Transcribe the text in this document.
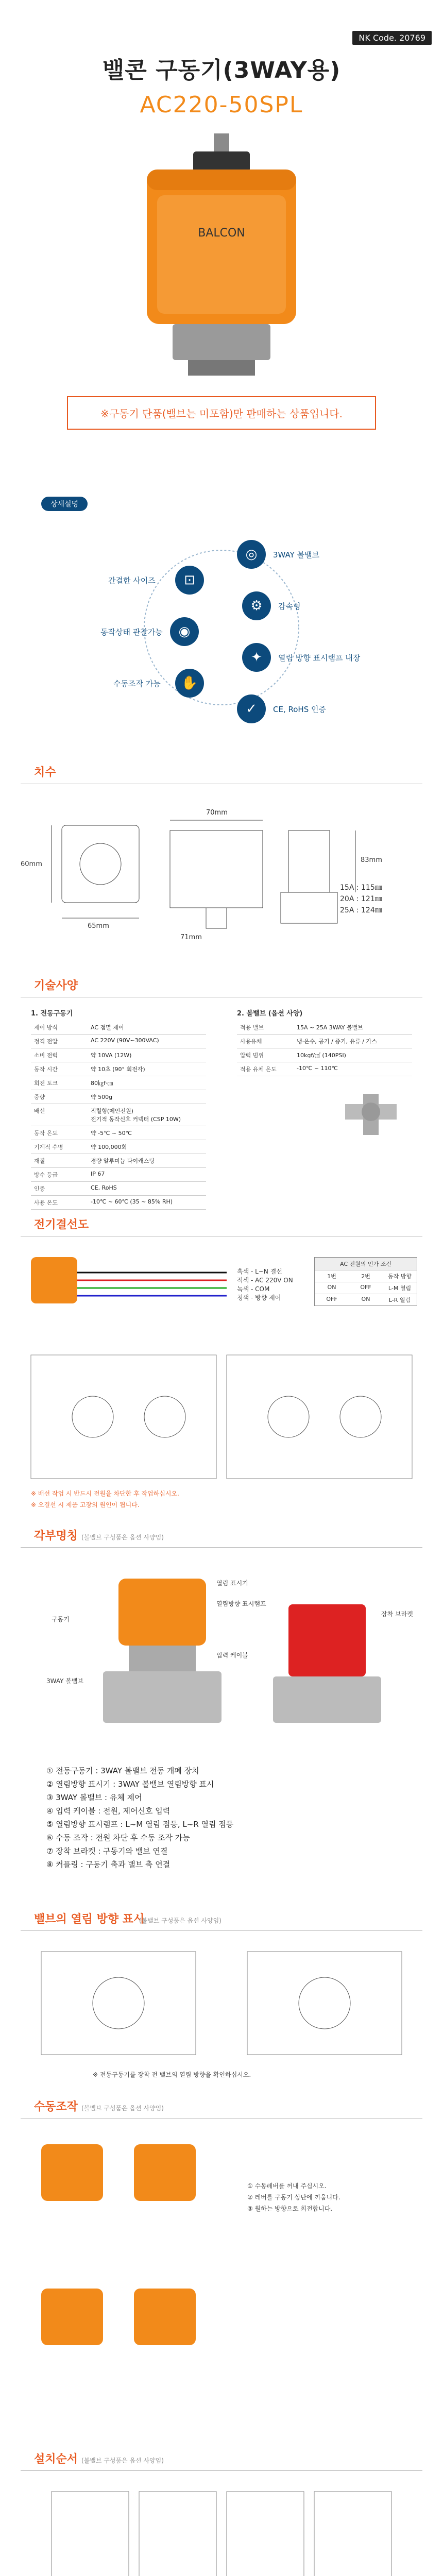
NK Code. 20769
밸콘 구동기(3WAY용)
AC220-50SPL
BALCON
※구동기 단품(밸브는 미포함)만 판매하는 상품입니다.
상세설명
◎	3WAY 볼밸브
⊡
간결한 사이즈
⚙	감속형
◉
동작상태 관찰가능
✦	열림 방향 표시램프 내장
✋
수동조작 가능
✓	CE, RoHS 인증
치수
70mm
65mm
60mm
83mm
71mm
15A : 115㎜
20A : 121㎜
25A : 124㎜
기술사양
1. 전동구동기
제어 방식	AC 점멸 제어
정격 전압	AC 220V (90V~300VAC)
소비 전력	약 10VA (12W)
동작 시간	약 10초 (90° 회전각)
회전 토크	80㎏f·㎝
중량	약 500g
배선	직렬형(메인전원)
전기적 동작신호 커넥터 (CSP 10W)
동작 온도	약 -5℃ ~ 50℃
기계적 수명	약 100,000회
재질	경량 알루미늄 다이캐스팅
방수 등급	IP 67
인증	CE, RoHS
사용 온도	-10℃ ~ 60℃ (35 ~ 85% RH)
2. 볼밸브 (옵션 사양)
적용 밸브	15A ~ 25A 3WAY 볼밸브
사용유체	냉·온수, 공기 / 증기, 유류 / 가스
압력 범위	10kgf/㎠ (140PSI)
적용 유체 온도	-10℃ ~ 110℃
전기결선도
흑색 - L~N 결선
적색 - AC 220V ON
녹색 - COM
청색 - 방향 제어
AC 전원의 인가 조건
1번	2번	동작 방향
ON	OFF	L-M 열림
OFF	ON	L-R 열림
※ 배선 작업 시 반드시 전원을 차단한 후 작업하십시오.
※ 오결선 시 제품 고장의 원인이 됩니다.
각부명칭 (볼밸브 구성품은 옵션 사양임)
열림 표시기
열림방향 표시램프
구동기
3WAY 볼밸브
입력 케이블
장착 브라켓
① 전동구동기 : 3WAY 볼밸브 전동 개폐 장치
② 열림방향 표시기 : 3WAY 볼밸브 열림방향 표시
③ 3WAY 볼밸브 : 유체 제어
④ 입력 케이블 : 전원, 제어신호 입력
⑤ 열림방향 표시램프 : L~M 열림 점등, L~R 열림 점등
⑥ 수동 조작 : 전원 차단 후 수동 조작 가능
⑦ 장착 브라켓 : 구동기와 밸브 연결
⑧ 커플링 : 구동기 축과 밸브 축 연결
밸브의 열림 방향 표시
(볼밸브 구성품은 옵션 사양임)
※ 전동구동기를 장착 전 밸브의 열림 방향을 확인하십시오.
수동조작 (볼밸브 구성품은 옵션 사양임)
① 수동레버를 꺼내 주십시오.
② 레버를 구동기 상단에 끼웁니다.
③ 원하는 방향으로 회전합니다.
설치순서 (볼밸브 구성품은 옵션 사양임)
